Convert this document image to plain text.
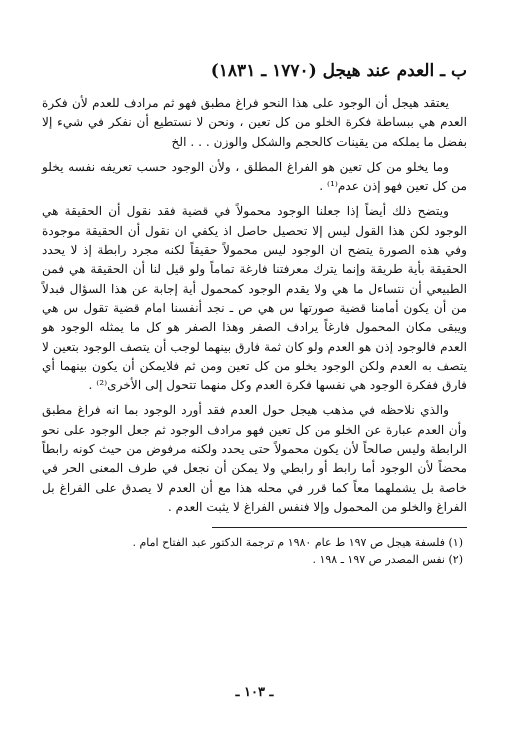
ب ـ العدم عند هيجل (١٧٧٠ ـ ١٨٣١)

يعتقد هيجل أن الوجود على هذا النحو فراغ مطبق فهو ثم مرادف للعدم لأن فكرة العدم هي ببساطة فكرة الخلو من كل تعين ، ونحن لا نستطيع أن نفكر في شيء إلا بفضل ما يملكه من يقينات كالحجم والشكل والوزن . . . الخ

وما يخلو من كل تعين هو الفراغ المطلق ، ولأن الوجود حسب تعريفه نفسه يخلو من كل تعين فهو إذن عدم⁽¹⁾ .

ويتضح ذلك أيضاً إذا جعلنا الوجود محمولاً في قضية فقد نقول أن الحقيقة هي الوجود لكن هذا القول ليس إلا تحصيل حاصل اذ يكفي ان نقول أن الحقيقة موجودة وفي هذه الصورة يتضح ان الوجود ليس محمولاً حقيقاً لكنه مجرد رابطة إذ لا يحدد الحقيقة بأية طريقة وإنما يترك معرفتنا فارغة تماماً ولو قيل لنا أن الحقيقة هي فمن الطبيعي أن نتساءل ما هي ولا يقدم الوجود كمحمول أية إجابة عن هذا السؤال فبدلاً من أن يكون أمامنا قضية صورتها س هي ص ـ نجد أنفسنا امام قضية تقول س هي ويبقى مكان المحمول فارغاً يرادف الصفر وهذا الصفر هو كل ما يمثله الوجود هو العدم فالوجود إذن هو العدم ولو كان ثمة فارق بينهما لوجب أن يتصف الوجود بتعين لا يتصف به العدم ولكن الوجود يخلو من كل تعين ومن ثم فلايمكن أن يكون بينهما أي فارق ففكرة الوجود هي نفسها فكرة العدم وكل منهما تتحول إلى الأخرى⁽²⁾ .

والذي نلاحظه في مذهب هيجل حول العدم فقد أورد الوجود بما انه فراغ مطبق وأن العدم عبارة عن الخلو من كل تعين فهو مرادف الوجود ثم جعل الوجود على نحو الرابطة وليس صالحاً لأن يكون محمولاً حتى يحدد ولكنه مرفوض من حيث كونه رابطاً محضاً لأن الوجود أما رابط أو رابطي ولا يمكن أن نجعل في طرف المعنى الحر في خاصة بل يشملهما معاً كما قرر في محله هذا مع أن العدم لا يصدق على الفراغ بل الفراغ والخلو من المحمول وإلا فنفس الفراغ لا يثبت العدم .

(١) فلسفة هيجل ص ١٩٧ ط عام ١٩٨٠ م ترجمة الدكتور عبد الفتاح امام .

(٢) نفس المصدر ص ١٩٧ ـ ١٩٨ .

ـ ١٠٣ ـ
